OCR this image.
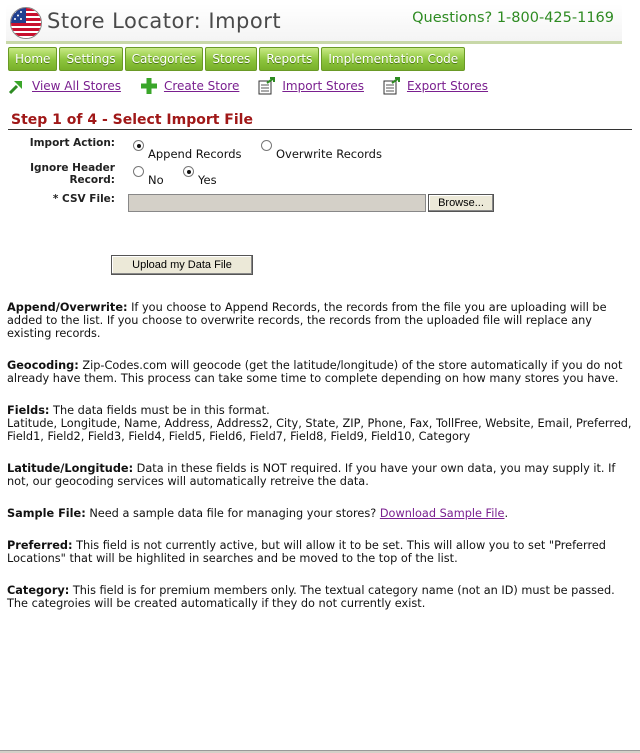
Store Locator: Import	Questions? 1-800-425-1169
Home	Settings	Categories	Stores	Reports	Implementation Code
View All Stores	Create Store	Import Stores	Export Stores
Step 1 of 4 - Select Import File
Import Action:
Append Records	Overwrite Records
Ignore Header
Record:	No	Yes
* CSV File:	Browse...
Upload my Data File
Append/Overwrite: If you choose to Append Records, the records from the file you are uploading will be added to the list. If you choose to overwrite records, the records from the uploaded file will replace any existing records.
Geocoding: Zip-Codes.com will geocode (get the latitude/longitude) of the store automatically if you do not already have them. This process can take some time to complete depending on how many stores you have.
Fields: The data fields must be in this format.
Latitude, Longitude, Name, Address, Address2, City, State, ZIP, Phone, Fax, TollFree, Website, Email, Preferred, Field1, Field2, Field3, Field4, Field5, Field6, Field7, Field8, Field9, Field10, Category
Latitude/Longitude: Data in these fields is NOT required. If you have your own data, you may supply it. If not, our geocoding services will automatically retreive the data.
Sample File: Need a sample data file for managing your stores? Download Sample File.
Preferred: This field is not currently active, but will allow it to be set. This will allow you to set "Preferred Locations" that will be highlited in searches and be moved to the top of the list.
Category: This field is for premium members only. The textual category name (not an ID) must be passed. The categroies will be created automatically if they do not currently exist.
